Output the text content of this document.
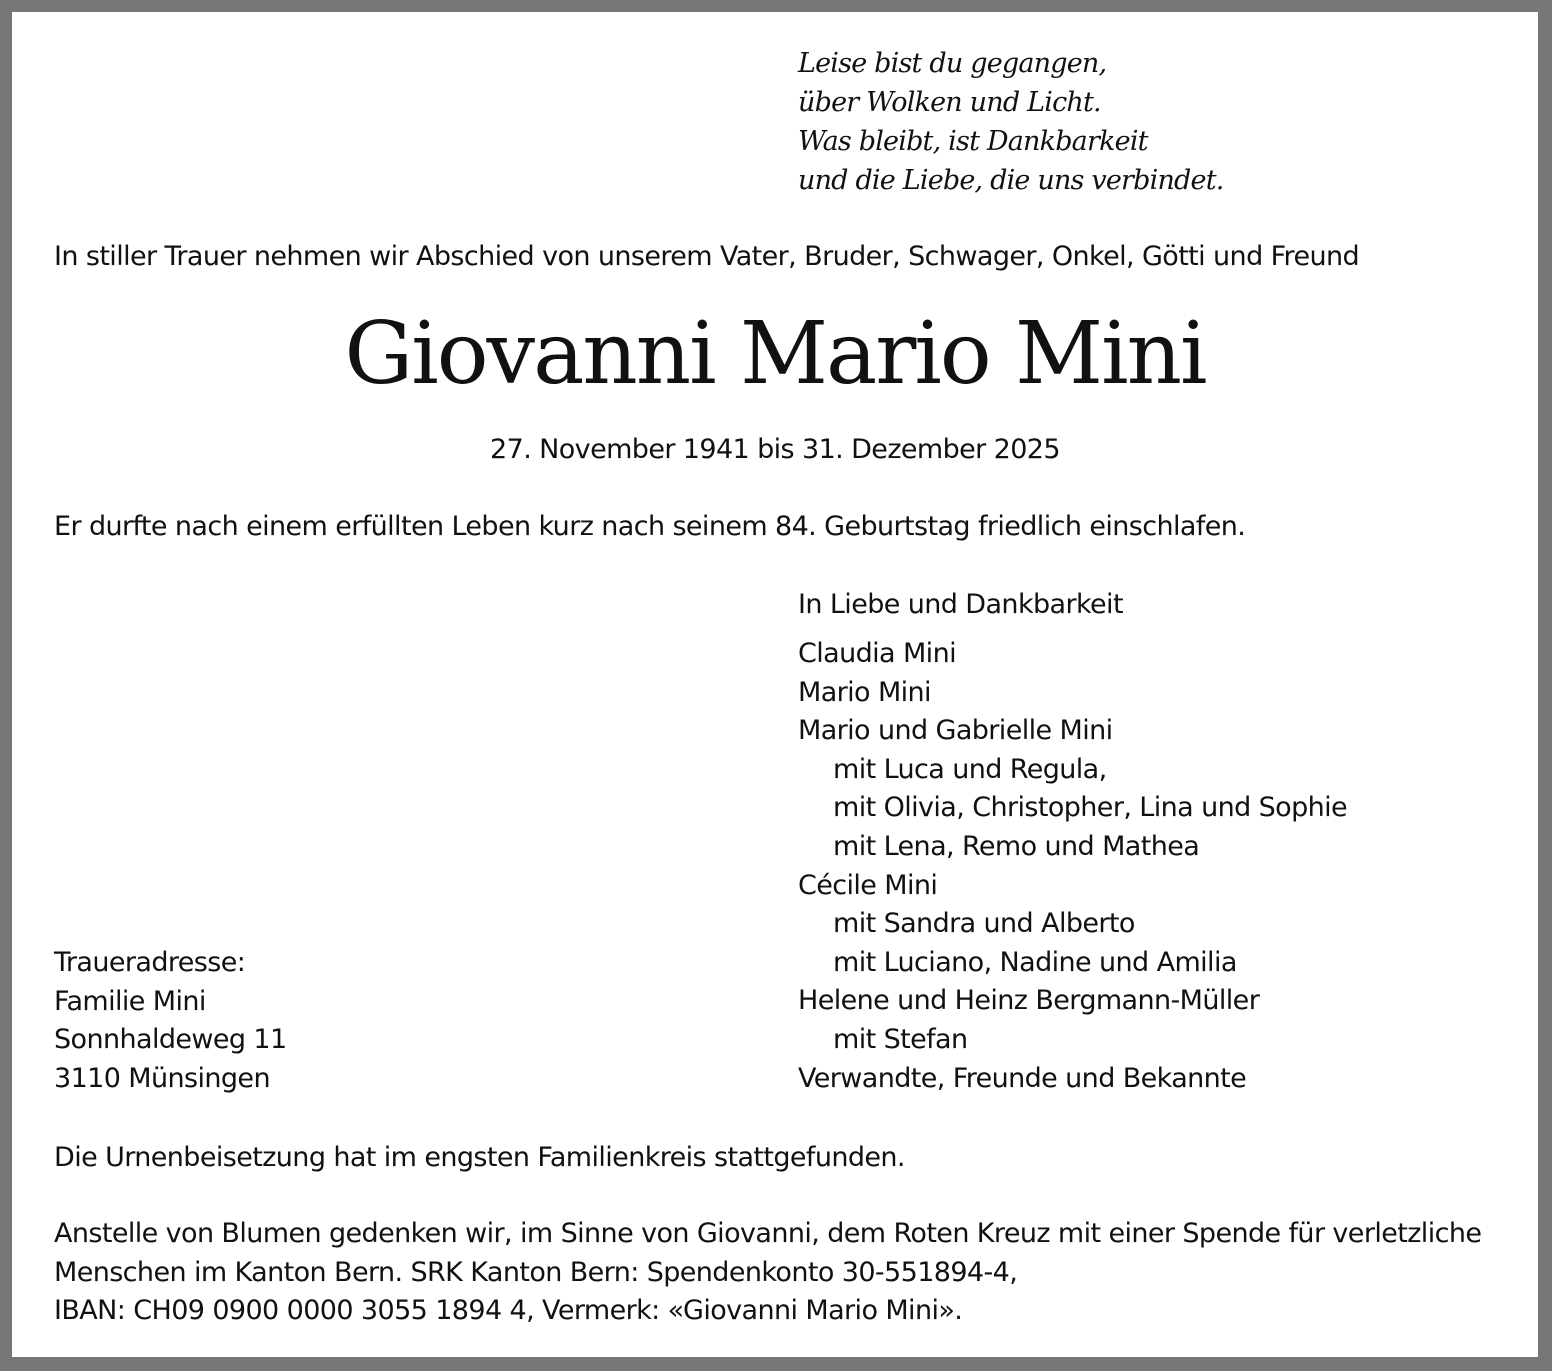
Leise bist du gegangen,
über Wolken und Licht.
Was bleibt, ist Dankbarkeit
und die Liebe, die uns verbindet.
In stiller Trauer nehmen wir Abschied von unserem Vater, Bruder, Schwager, Onkel, Götti und Freund
Giovanni Mario Mini
27. November 1941 bis 31. Dezember 2025
Er durfte nach einem erfüllten Leben kurz nach seinem 84. Geburtstag friedlich einschlafen.
In Liebe und Dankbarkeit
Claudia Mini
Mario Mini
Mario und Gabrielle Mini
mit Luca und Regula,
mit Olivia, Christopher, Lina und Sophie
mit Lena, Remo und Mathea
Cécile Mini
mit Sandra und Alberto
mit Luciano, Nadine und Amilia
Helene und Heinz Bergmann-Müller
mit Stefan
Verwandte, Freunde und Bekannte
Traueradresse:
Familie Mini
Sonnhaldeweg 11
3110 Münsingen
Die Urnenbeisetzung hat im engsten Familienkreis stattgefunden.
Anstelle von Blumen gedenken wir, im Sinne von Giovanni, dem Roten Kreuz mit einer Spende für verletzliche
Menschen im Kanton Bern. SRK Kanton Bern: Spendenkonto 30-551894-4,
IBAN: CH09 0900 0000 3055 1894 4, Vermerk: «Giovanni Mario Mini».
